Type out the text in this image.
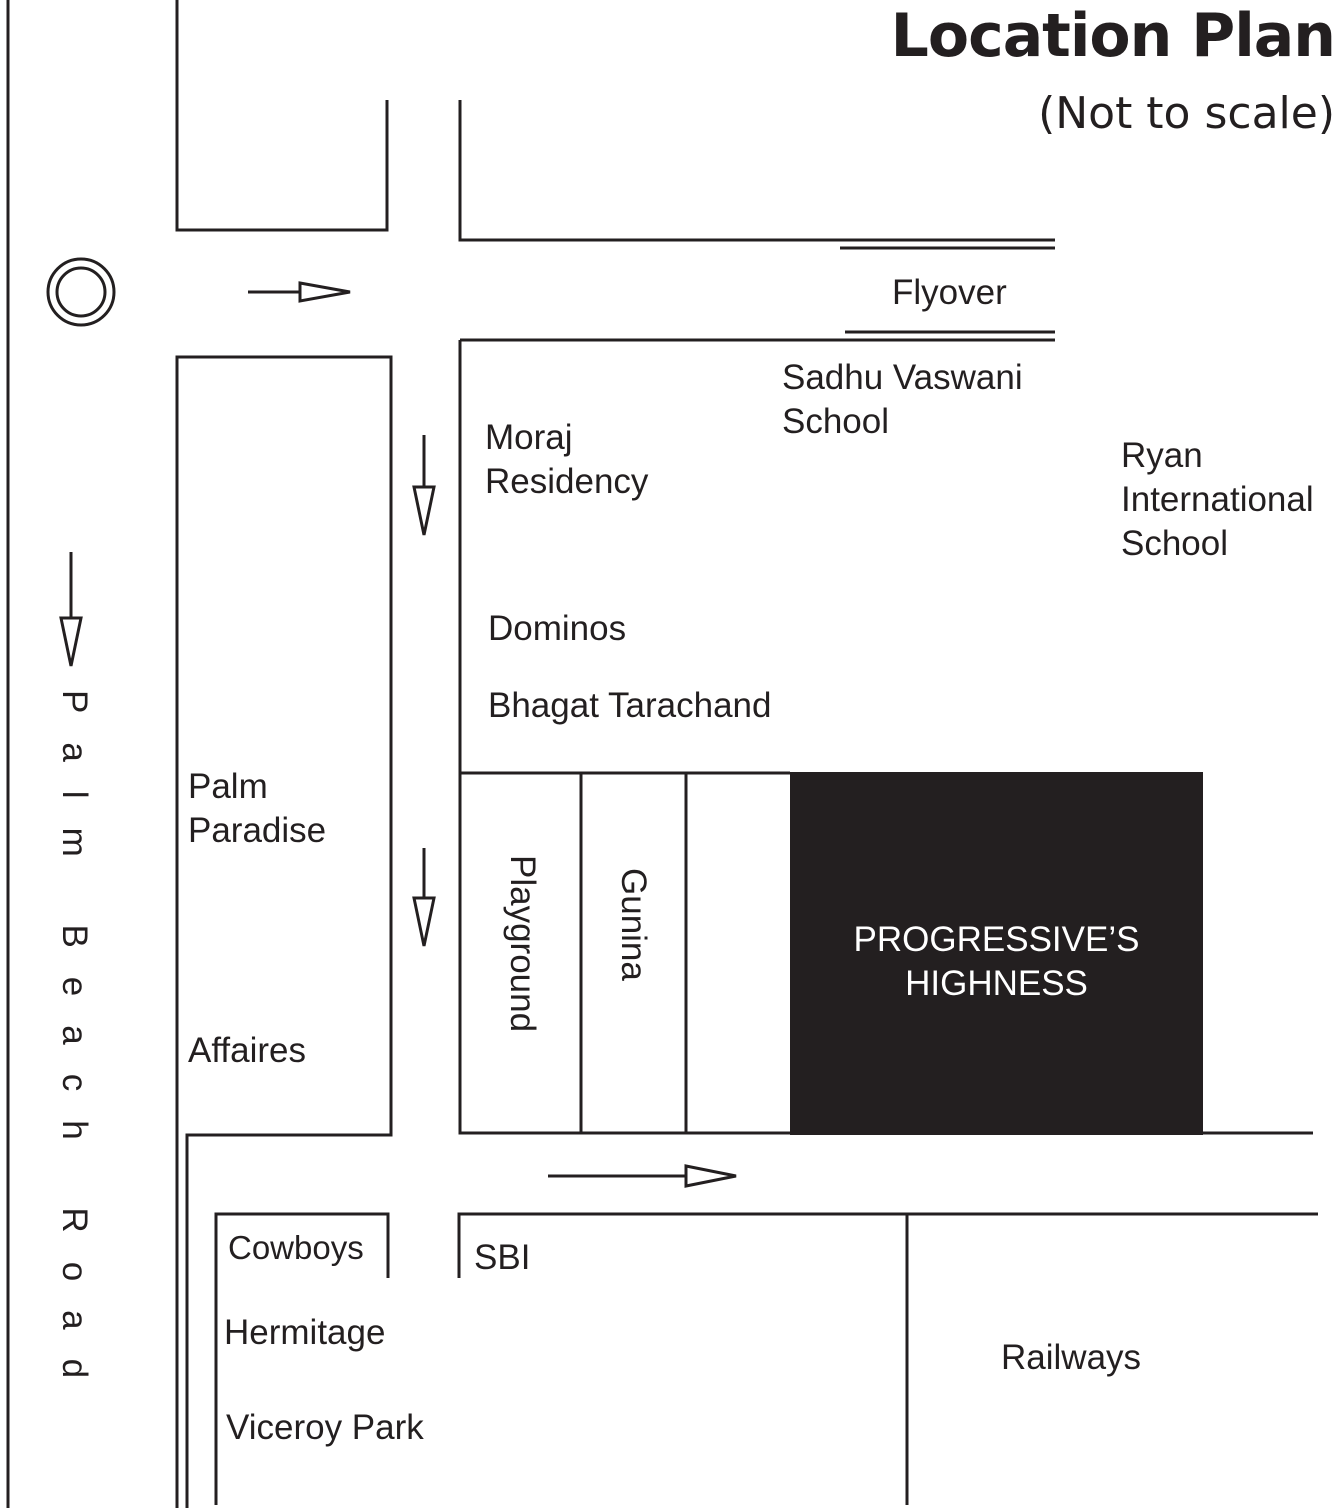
Location Plan
(Not to scale)
Flyover
Sadhu Vaswani
School
Moraj
Residency
Ryan
International
School
Dominos
Bhagat Tarachand
Palm
Paradise
Affaires
Playground Gunina	PROGRESSIVE’S
HIGHNESS
Cowboys	SBI
Hermitage
Railways
Viceroy Park
Palm Beach Road
